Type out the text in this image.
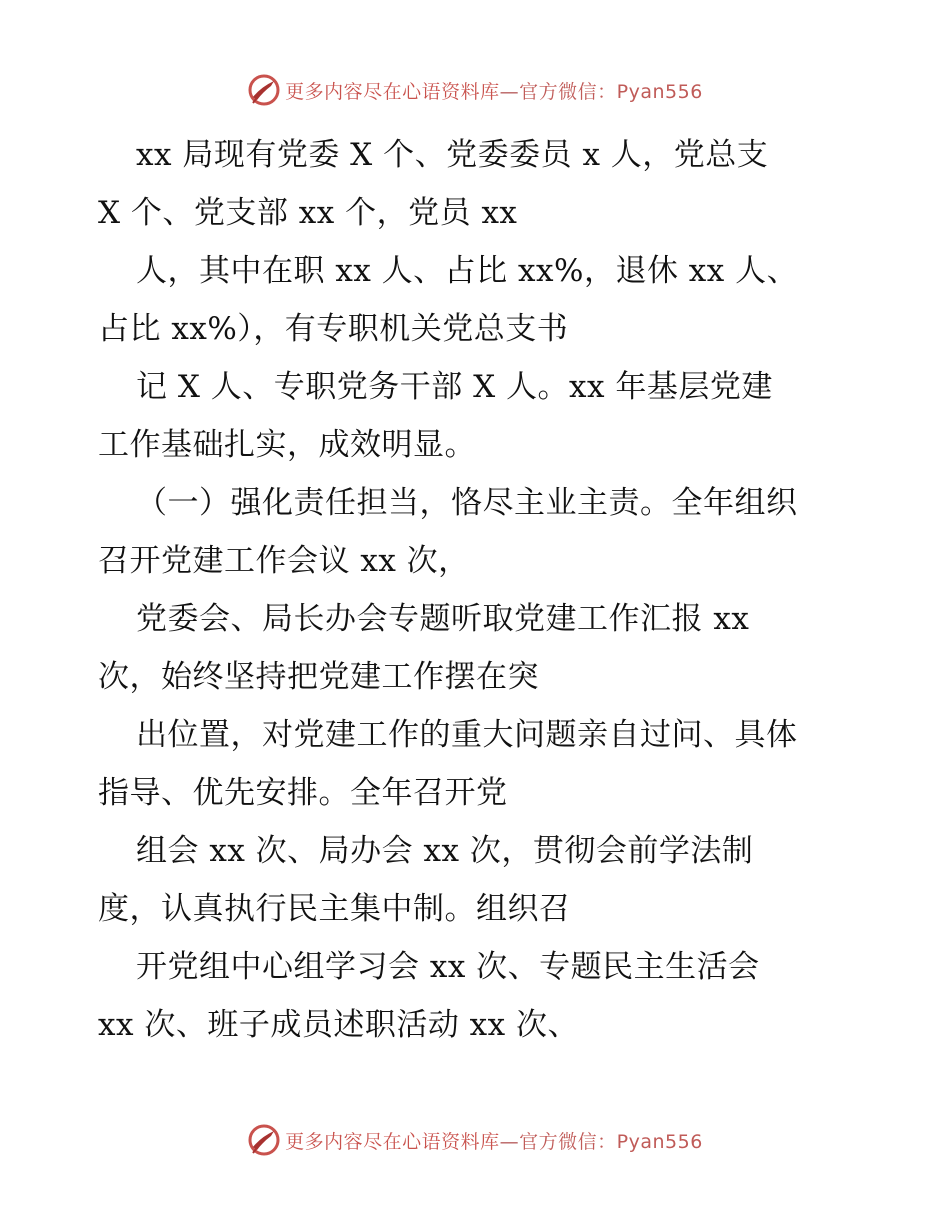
更多内容尽在心语资料库—官方微信：Pyan556
xx 局现有党委 X 个、党委委员 x 人，党总支
X 个、党支部 xx 个，党员 xx
人，其中在职 xx 人、占比 xx%，退休 xx 人、
占比 xx%），有专职机关党总支书
记 X 人、专职党务干部 X 人。xx 年基层党建
工作基础扎实，成效明显。
（一）强化责任担当，恪尽主业主责。全年组织
召开党建工作会议 xx 次，
党委会、局长办会专题听取党建工作汇报 xx
次，始终坚持把党建工作摆在突
出位置，对党建工作的重大问题亲自过问、具体
指导、优先安排。全年召开党
组会 xx 次、局办会 xx 次，贯彻会前学法制
度，认真执行民主集中制。组织召
开党组中心组学习会 xx 次、专题民主生活会
xx 次、班子成员述职活动 xx 次、
更多内容尽在心语资料库—官方微信：Pyan556
